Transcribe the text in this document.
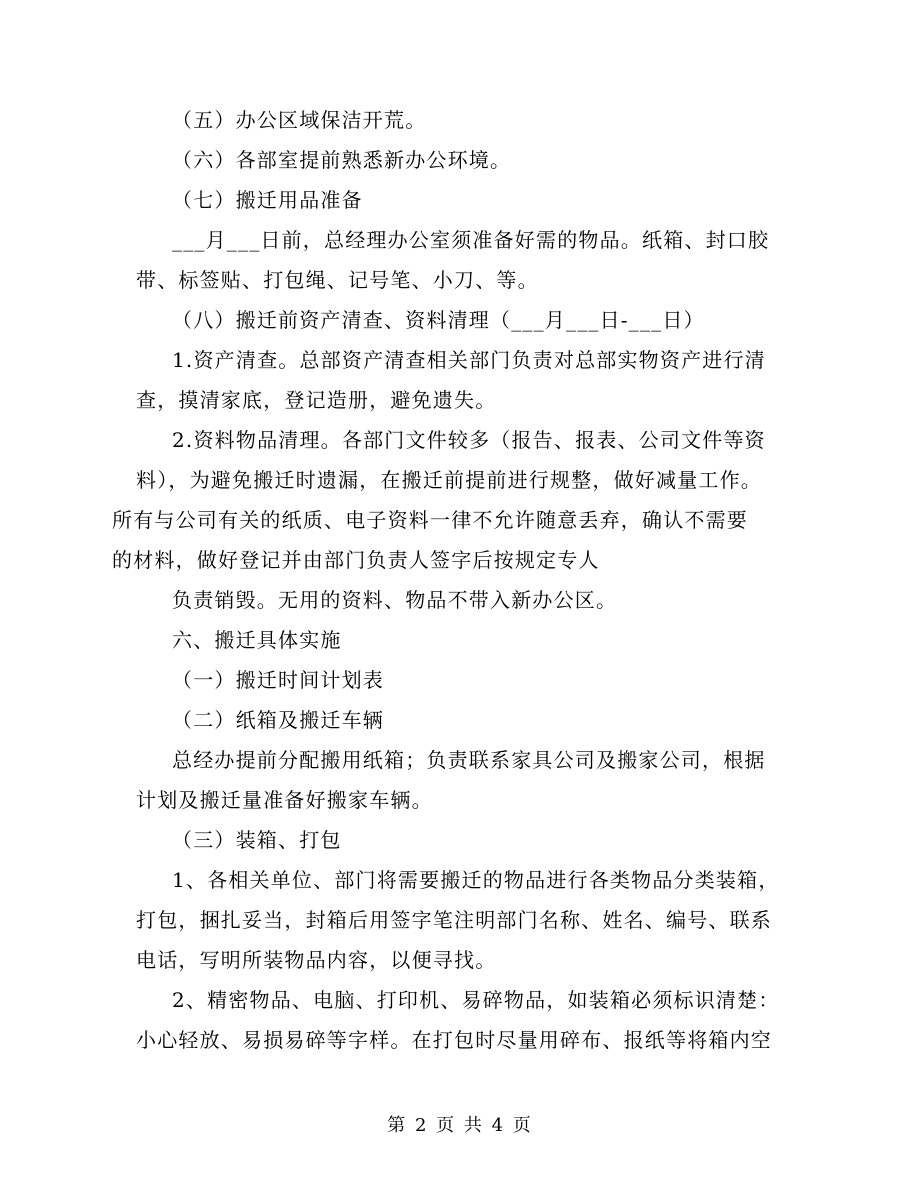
（五）办公区域保洁开荒。
（六）各部室提前熟悉新办公环境。
（七）搬迁用品准备
___月___日前，总经理办公室须准备好需的物品。纸箱、封口胶
带、标签贴、打包绳、记号笔、小刀、等。
（八）搬迁前资产清查、资料清理（___月___日-___日）
1.资产清查。总部资产清查相关部门负责对总部实物资产进行清
查，摸清家底，登记造册，避免遗失。
2.资料物品清理。各部门文件较多（报告、报表、公司文件等资
料），为避免搬迁时遗漏，在搬迁前提前进行规整，做好减量工作。
所有与公司有关的纸质、电子资料一律不允许随意丢弃，确认不需要
的材料，做好登记并由部门负责人签字后按规定专人
负责销毁。无用的资料、物品不带入新办公区。
六、搬迁具体实施
（一）搬迁时间计划表
（二）纸箱及搬迁车辆
总经办提前分配搬用纸箱；负责联系家具公司及搬家公司，根据
计划及搬迁量准备好搬家车辆。
（三）装箱、打包
1、各相关单位、部门将需要搬迁的物品进行各类物品分类装箱，
打包，捆扎妥当，封箱后用签字笔注明部门名称、姓名、编号、联系
电话，写明所装物品内容，以便寻找。
2、精密物品、电脑、打印机、易碎物品，如装箱必须标识清楚：
小心轻放、易损易碎等字样。在打包时尽量用碎布、报纸等将箱内空
第 2 页 共 4 页
